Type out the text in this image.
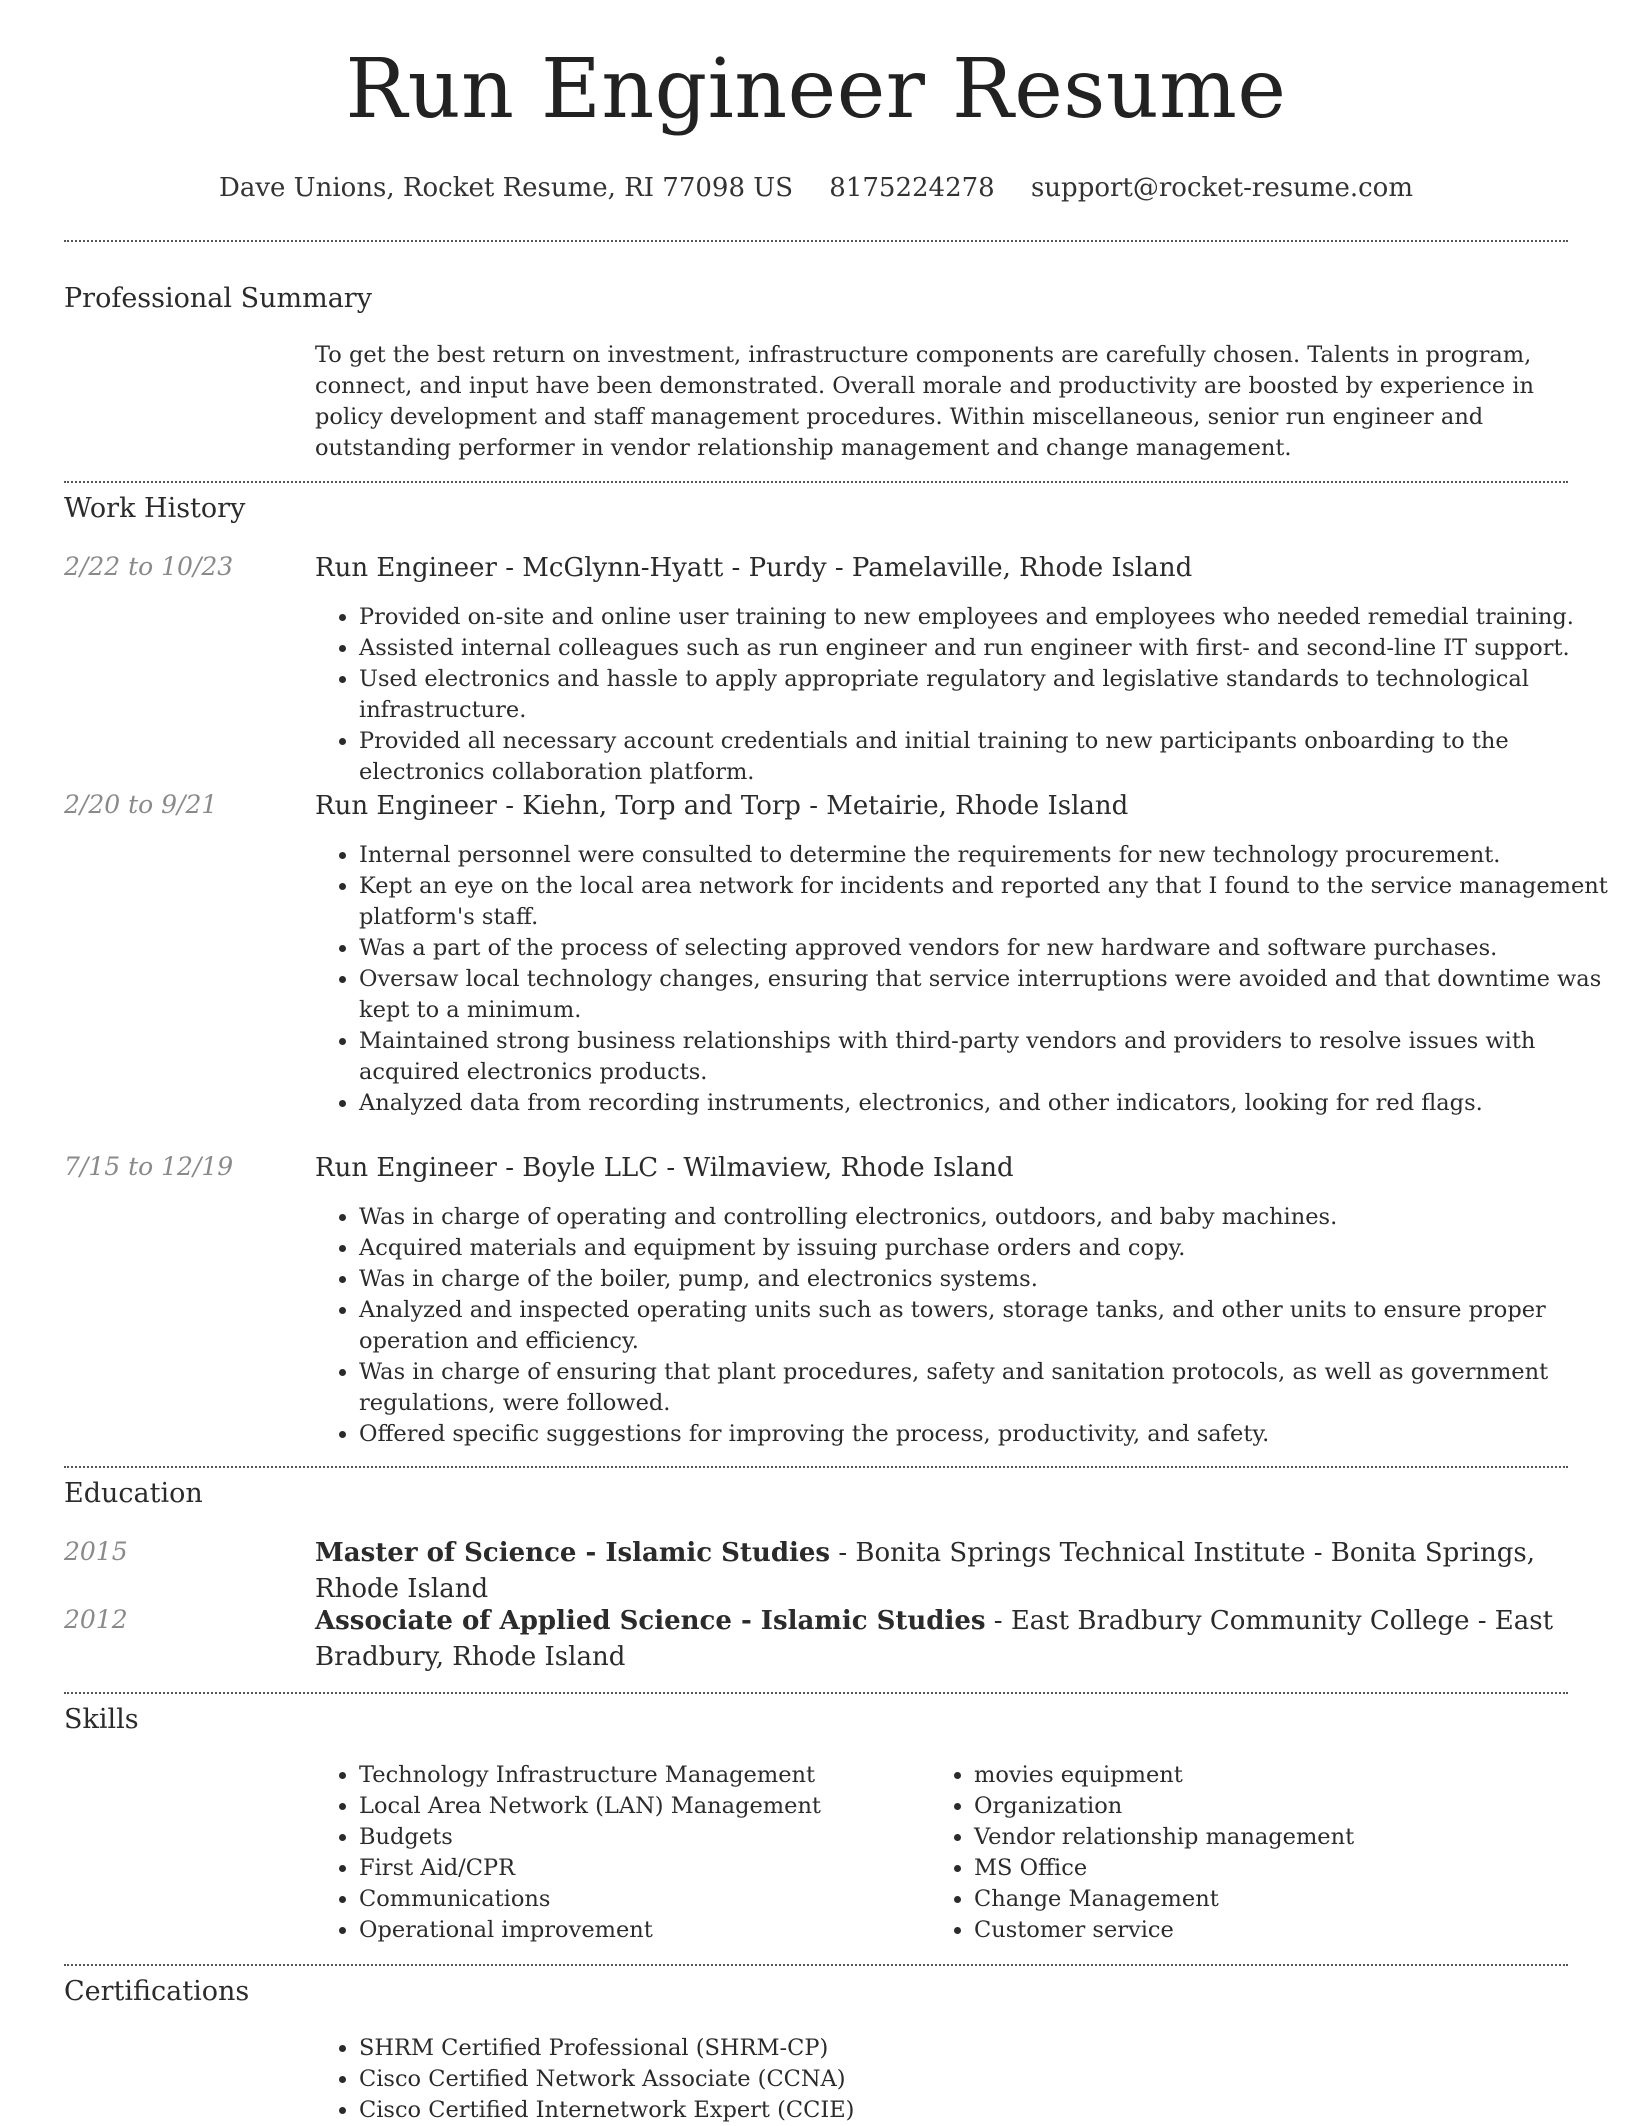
Run Engineer Resume
Dave Unions, Rocket Resume, RI 77098 US 8175224278 support@rocket-resume.com
Professional Summary
To get the best return on investment, infrastructure components are carefully chosen. Talents in program, connect, and input have been demonstrated. Overall morale and productivity are boosted by experience in policy development and staff management procedures. Within miscellaneous, senior run engineer and outstanding performer in vendor relationship management and change management.
Work History
2/22 to 10/23	Run Engineer - McGlynn-Hyatt - Purdy - Pamelaville, Rhode Island
• Provided on-site and online user training to new employees and employees who needed remedial training.
• Assisted internal colleagues such as run engineer and run engineer with first- and second-line IT support.
• Used electronics and hassle to apply appropriate regulatory and legislative standards to technological infrastructure.
• Provided all necessary account credentials and initial training to new participants onboarding to the electronics collaboration platform.
2/20 to 9/21	Run Engineer - Kiehn, Torp and Torp - Metairie, Rhode Island
• Internal personnel were consulted to determine the requirements for new technology procurement.
• Kept an eye on the local area network for incidents and reported any that I found to the service management platform's staff.
• Was a part of the process of selecting approved vendors for new hardware and software purchases.
• Oversaw local technology changes, ensuring that service interruptions were avoided and that downtime was kept to a minimum.
• Maintained strong business relationships with third-party vendors and providers to resolve issues with acquired electronics products.
• Analyzed data from recording instruments, electronics, and other indicators, looking for red flags.
7/15 to 12/19	Run Engineer - Boyle LLC - Wilmaview, Rhode Island
• Was in charge of operating and controlling electronics, outdoors, and baby machines.
• Acquired materials and equipment by issuing purchase orders and copy.
• Was in charge of the boiler, pump, and electronics systems.
• Analyzed and inspected operating units such as towers, storage tanks, and other units to ensure proper operation and efficiency.
• Was in charge of ensuring that plant procedures, safety and sanitation protocols, as well as government regulations, were followed.
• Offered specific suggestions for improving the process, productivity, and safety.
Education
2015	Master of Science - Islamic Studies - Bonita Springs Technical Institute - Bonita Springs, Rhode Island
2012	Associate of Applied Science - Islamic Studies - East Bradbury Community College - East Bradbury, Rhode Island
Skills
• Technology Infrastructure Management
• Local Area Network (LAN) Management
• Budgets
• First Aid/CPR
• Communications
• Operational improvement
• movies equipment
• Organization
• Vendor relationship management
• MS Office
• Change Management
• Customer service
Certifications
• SHRM Certified Professional (SHRM-CP)
• Cisco Certified Network Associate (CCNA)
• Cisco Certified Internetwork Expert (CCIE)
